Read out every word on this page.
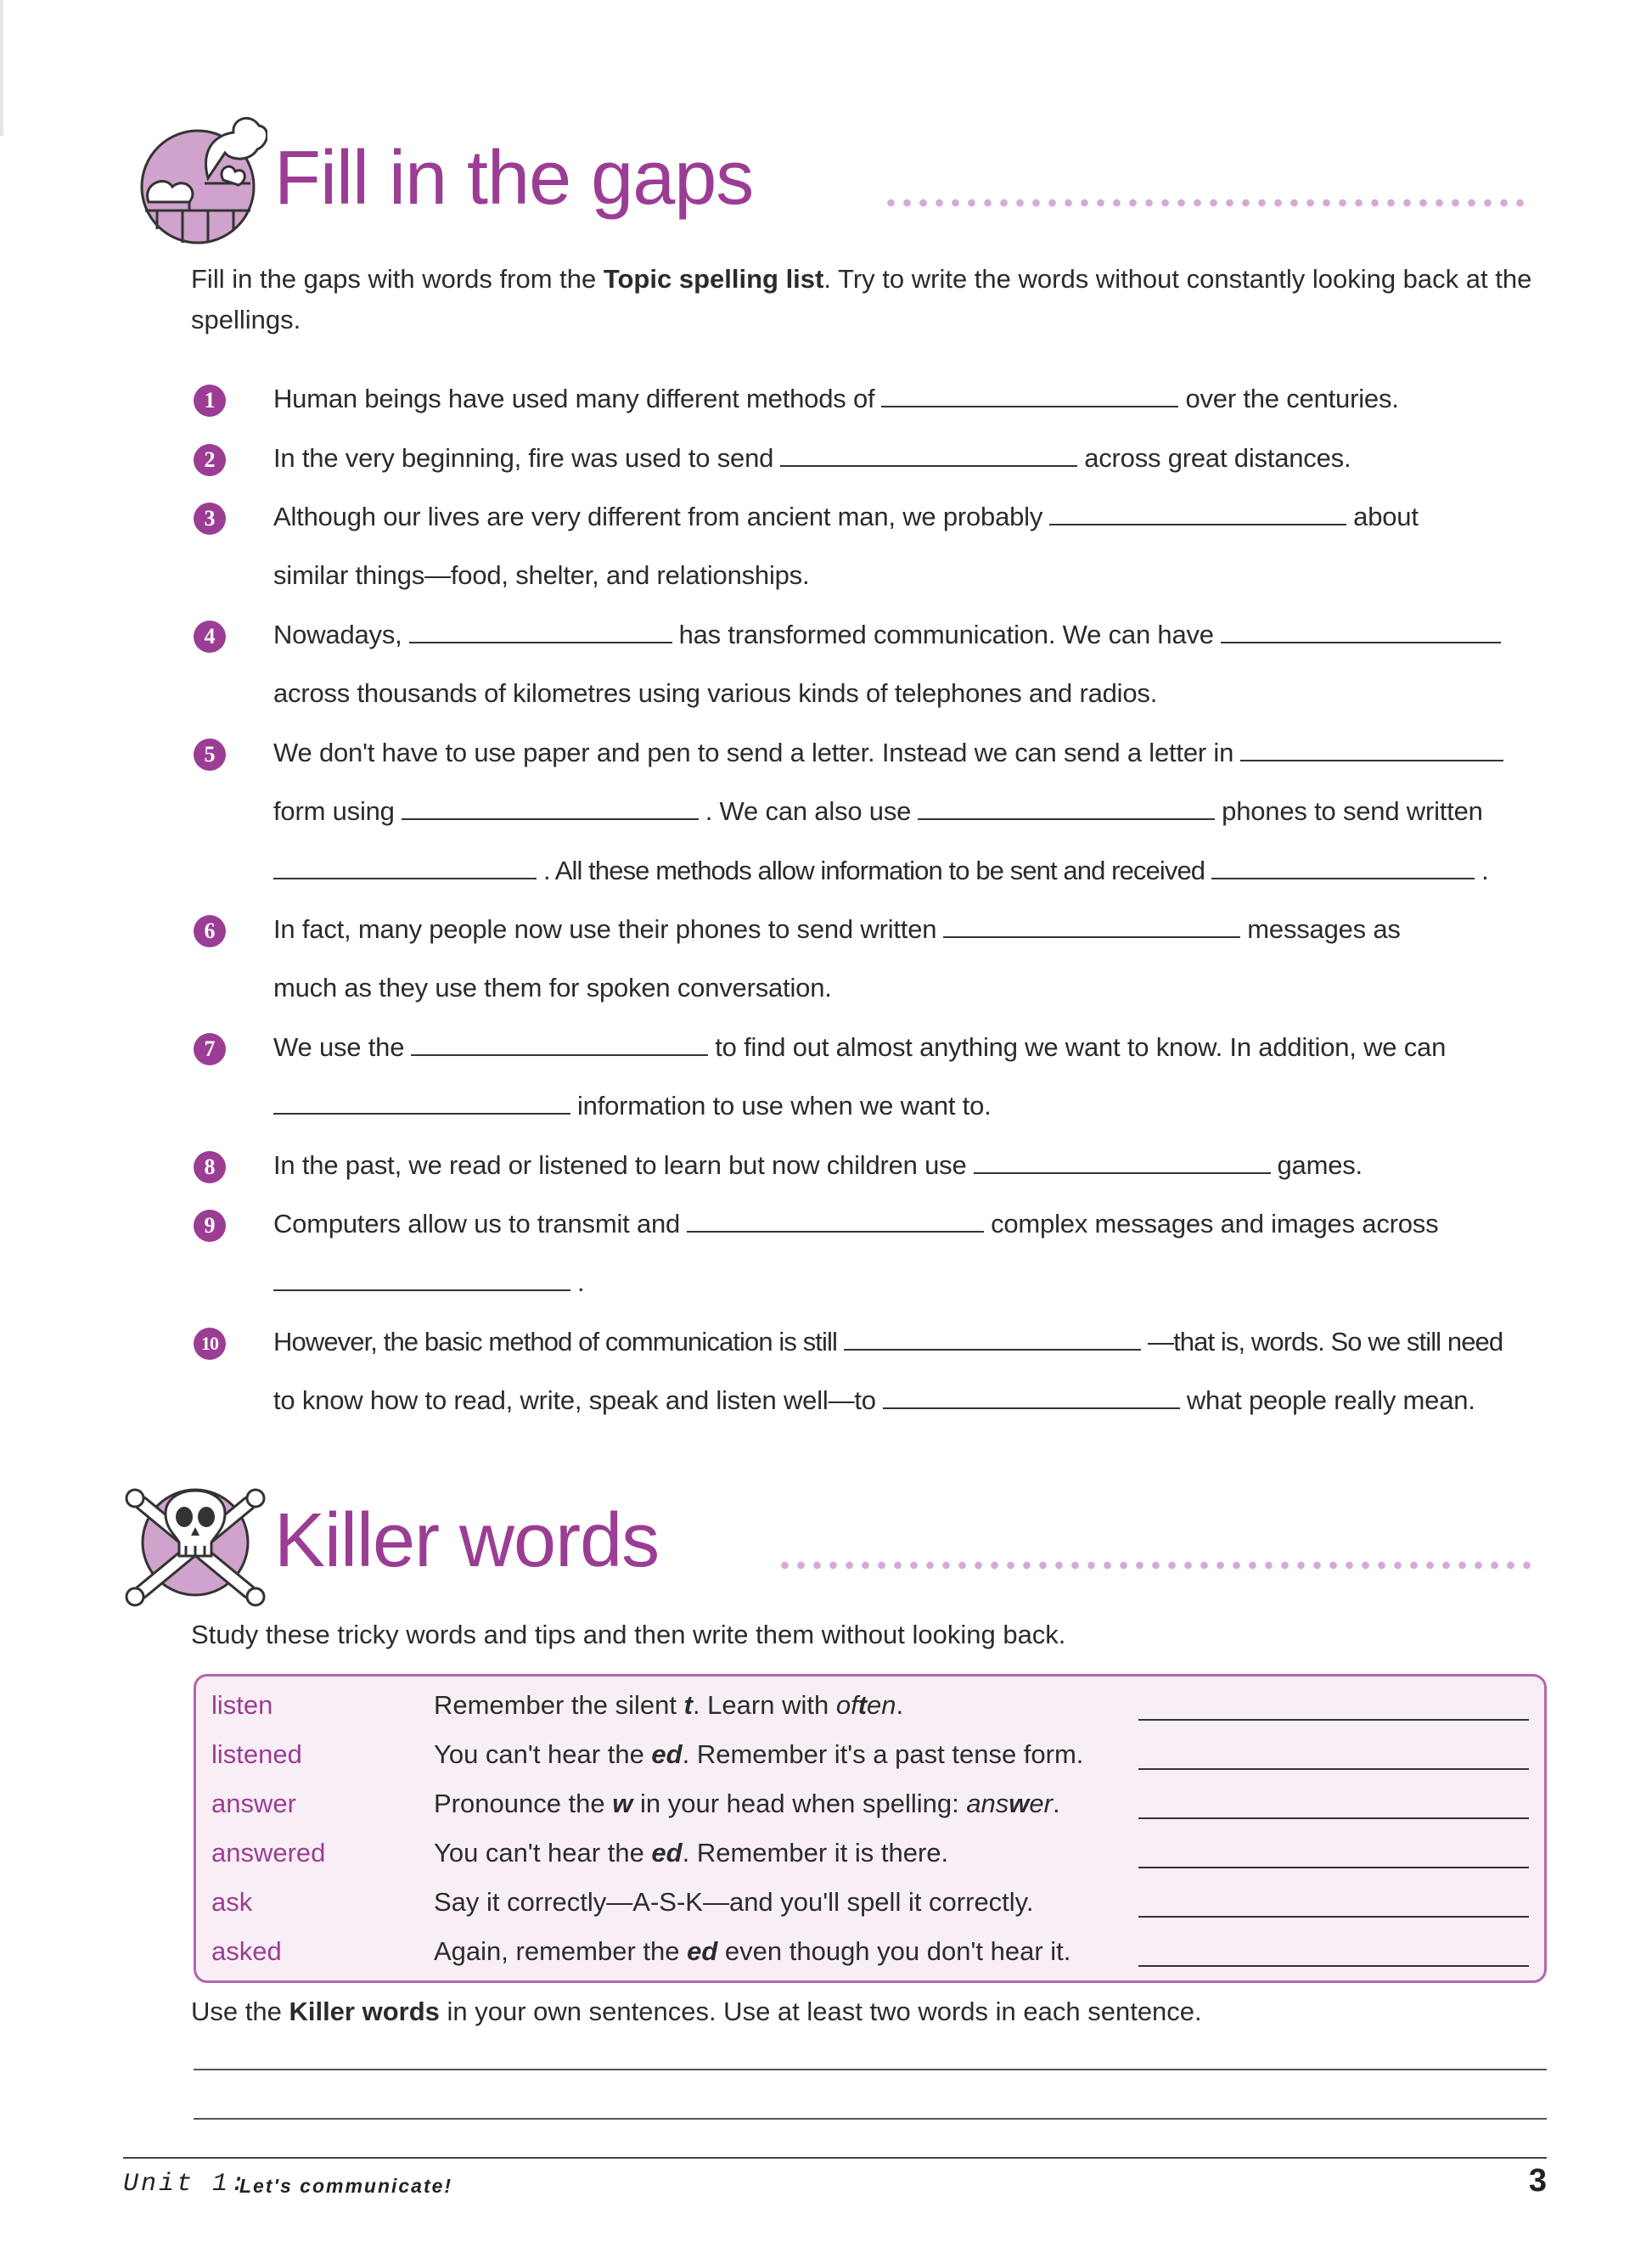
Fill in the gaps
Fill in the gaps with words from the Topic spelling list. Try to write the words without constantly looking back at the spellings.
1	Human beings have used many different methods of	over the centuries.
2	In the very beginning, fire was used to send	across great distances.
3	Although our lives are very different from ancient man, we probably	about
similar things—food, shelter, and relationships.
4	Nowadays,	has transformed communication. We can have
across thousands of kilometres using various kinds of telephones and radios.
5	We don't have to use paper and pen to send a letter. Instead we can send a letter in
form using	. We can also use	phones to send written
. All these methods allow information to be sent and received	.
6	In fact, many people now use their phones to send written	messages as
much as they use them for spoken conversation.
7	We use the	to find out almost anything we want to know. In addition, we can
information to use when we want to.
8	In the past, we read or listened to learn but now children use	games.
9	Computers allow us to transmit and	complex messages and images across
.
10 However, the basic method of communication is still	—that is, words. So we still need
to know how to read, write, speak and listen well—to	what people really mean.
Killer words
Study these tricky words and tips and then write them without looking back.
listen	Remember the silent t. Learn with often.
listened	You can't hear the ed. Remember it's a past tense form.
answer	Pronounce the w in your head when spelling: answer.
answered	You can't hear the ed. Remember it is there.
ask	Say it correctly—A-S-K—and you'll spell it correctly.
asked	Again, remember the ed even though you don't hear it.
Use the Killer words in your own sentences. Use at least two words in each sentence.
Unit 1:
Let's communicate!	3
